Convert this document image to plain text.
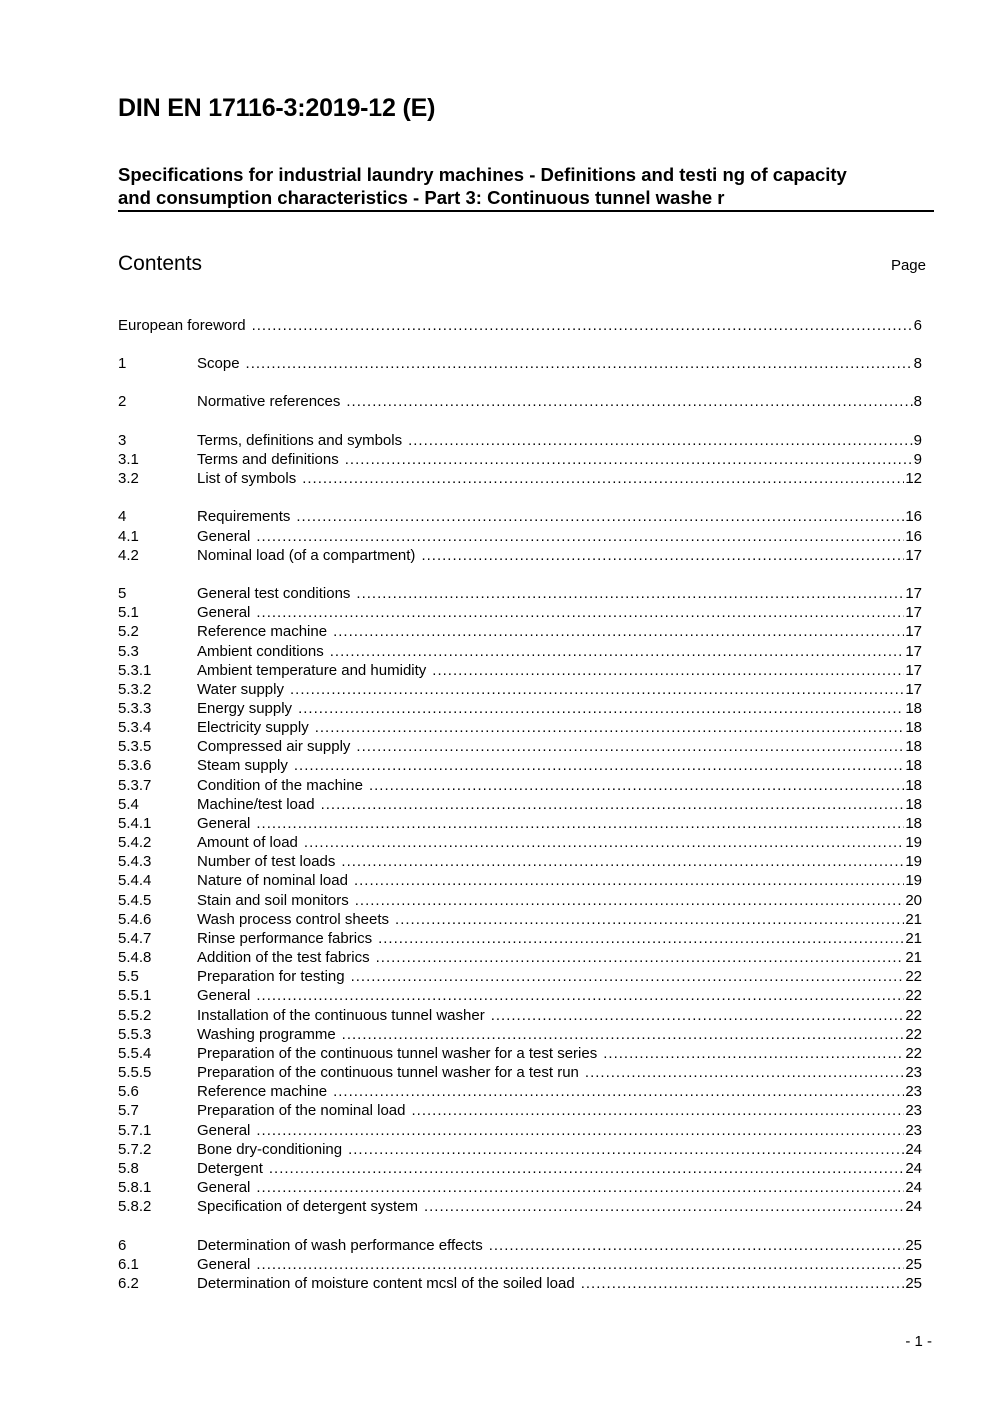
DIN EN 17116-3:2019-12 (E)
Specifications for industrial laundry machines - Definitions and testi ng of capacity
and consumption characteristics - Part 3: Continuous tunnel washe r
Contents	Page
European foreword .....	6
1	Scope .....	8
2	Normative references .....	8
3	Terms, definitions and symbols .....	9
3.1	Terms and definitions .....	9
3.2	List of symbols .....	12
4	Requirements .....	16
4.1	General .....	16
4.2	Nominal load (of a compartment) .....	17
5	General test conditions .....	17
5.1	General .....	17
5.2	Reference machine .....	17
5.3	Ambient conditions .....	17
5.3.1	Ambient temperature and humidity .....	17
5.3.2	Water supply .....	17
5.3.3	Energy supply .....	18
5.3.4	Electricity supply .....	18
5.3.5	Compressed air supply .....	18
5.3.6	Steam supply .....	18
5.3.7	Condition of the machine .....	18
5.4	Machine/test load .....	18
5.4.1	General .....	18
5.4.2	Amount of load .....	19
5.4.3	Number of test loads .....	19
5.4.4	Nature of nominal load .....	19
5.4.5	Stain and soil monitors .....	20
5.4.6	Wash process control sheets .....	21
5.4.7	Rinse performance fabrics .....	21
5.4.8	Addition of the test fabrics .....	21
5.5	Preparation for testing .....	22
5.5.1	General .....	22
5.5.2	Installation of the continuous tunnel washer .....	22
5.5.3	Washing programme .....	22
5.5.4	Preparation of the continuous tunnel washer for a test series .....	22
5.5.5	Preparation of the continuous tunnel washer for a test run .....	23
5.6	Reference machine .....	23
5.7	Preparation of the nominal load .....	23
5.7.1	General .....	23
5.7.2	Bone dry-conditioning .....	24
5.8	Detergent .....	24
5.8.1	General .....	24
5.8.2	Specification of detergent system .....	24
6	Determination of wash performance effects .....	25
6.1	General .....	25
6.2	Determination of moisture content mcsl of the soiled load .....	25
- 1 -
